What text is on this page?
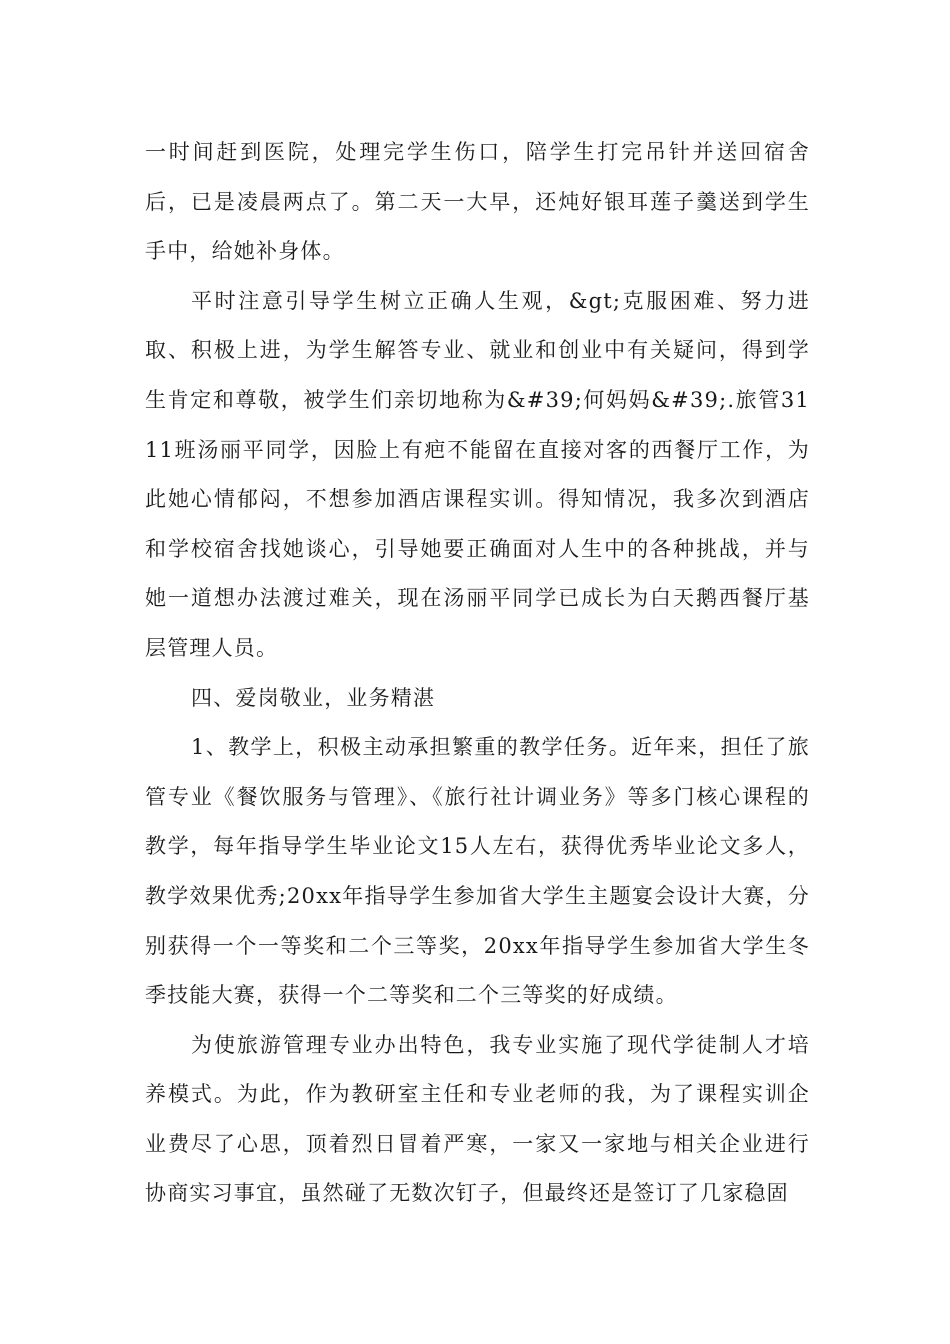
一时间赶到医院，处理完学生伤口，陪学生打完吊针并送回宿舍后，已是凌晨两点了。第二天一大早，还炖好银耳莲子羹送到学生手中，给她补身体。

平时注意引导学生树立正确人生观，&gt;克服困难、努力进取、积极上进，为学生解答专业、就业和创业中有关疑问，得到学生肯定和尊敬，被学生们亲切地称为&#39;何妈妈&#39;.旅管3111班汤丽平同学，因脸上有疤不能留在直接对客的西餐厅工作，为此她心情郁闷，不想参加酒店课程实训。得知情况，我多次到酒店和学校宿舍找她谈心，引导她要正确面对人生中的各种挑战，并与她一道想办法渡过难关，现在汤丽平同学已成长为白天鹅西餐厅基层管理人员。

四、爱岗敬业，业务精湛

1、教学上，积极主动承担繁重的教学任务。近年来，担任了旅管专业《餐饮服务与管理》、《旅行社计调业务》等多门核心课程的教学，每年指导学生毕业论文15人左右，获得优秀毕业论文多人，教学效果优秀;20xx年指导学生参加省大学生主题宴会设计大赛，分别获得一个一等奖和二个三等奖，20xx年指导学生参加省大学生冬季技能大赛，获得一个二等奖和二个三等奖的好成绩。

为使旅游管理专业办出特色，我专业实施了现代学徒制人才培养模式。为此，作为教研室主任和专业老师的我，为了课程实训企业费尽了心思，顶着烈日冒着严寒，一家又一家地与相关企业进行协商实习事宜，虽然碰了无数次钉子，但最终还是签订了几家稳固
